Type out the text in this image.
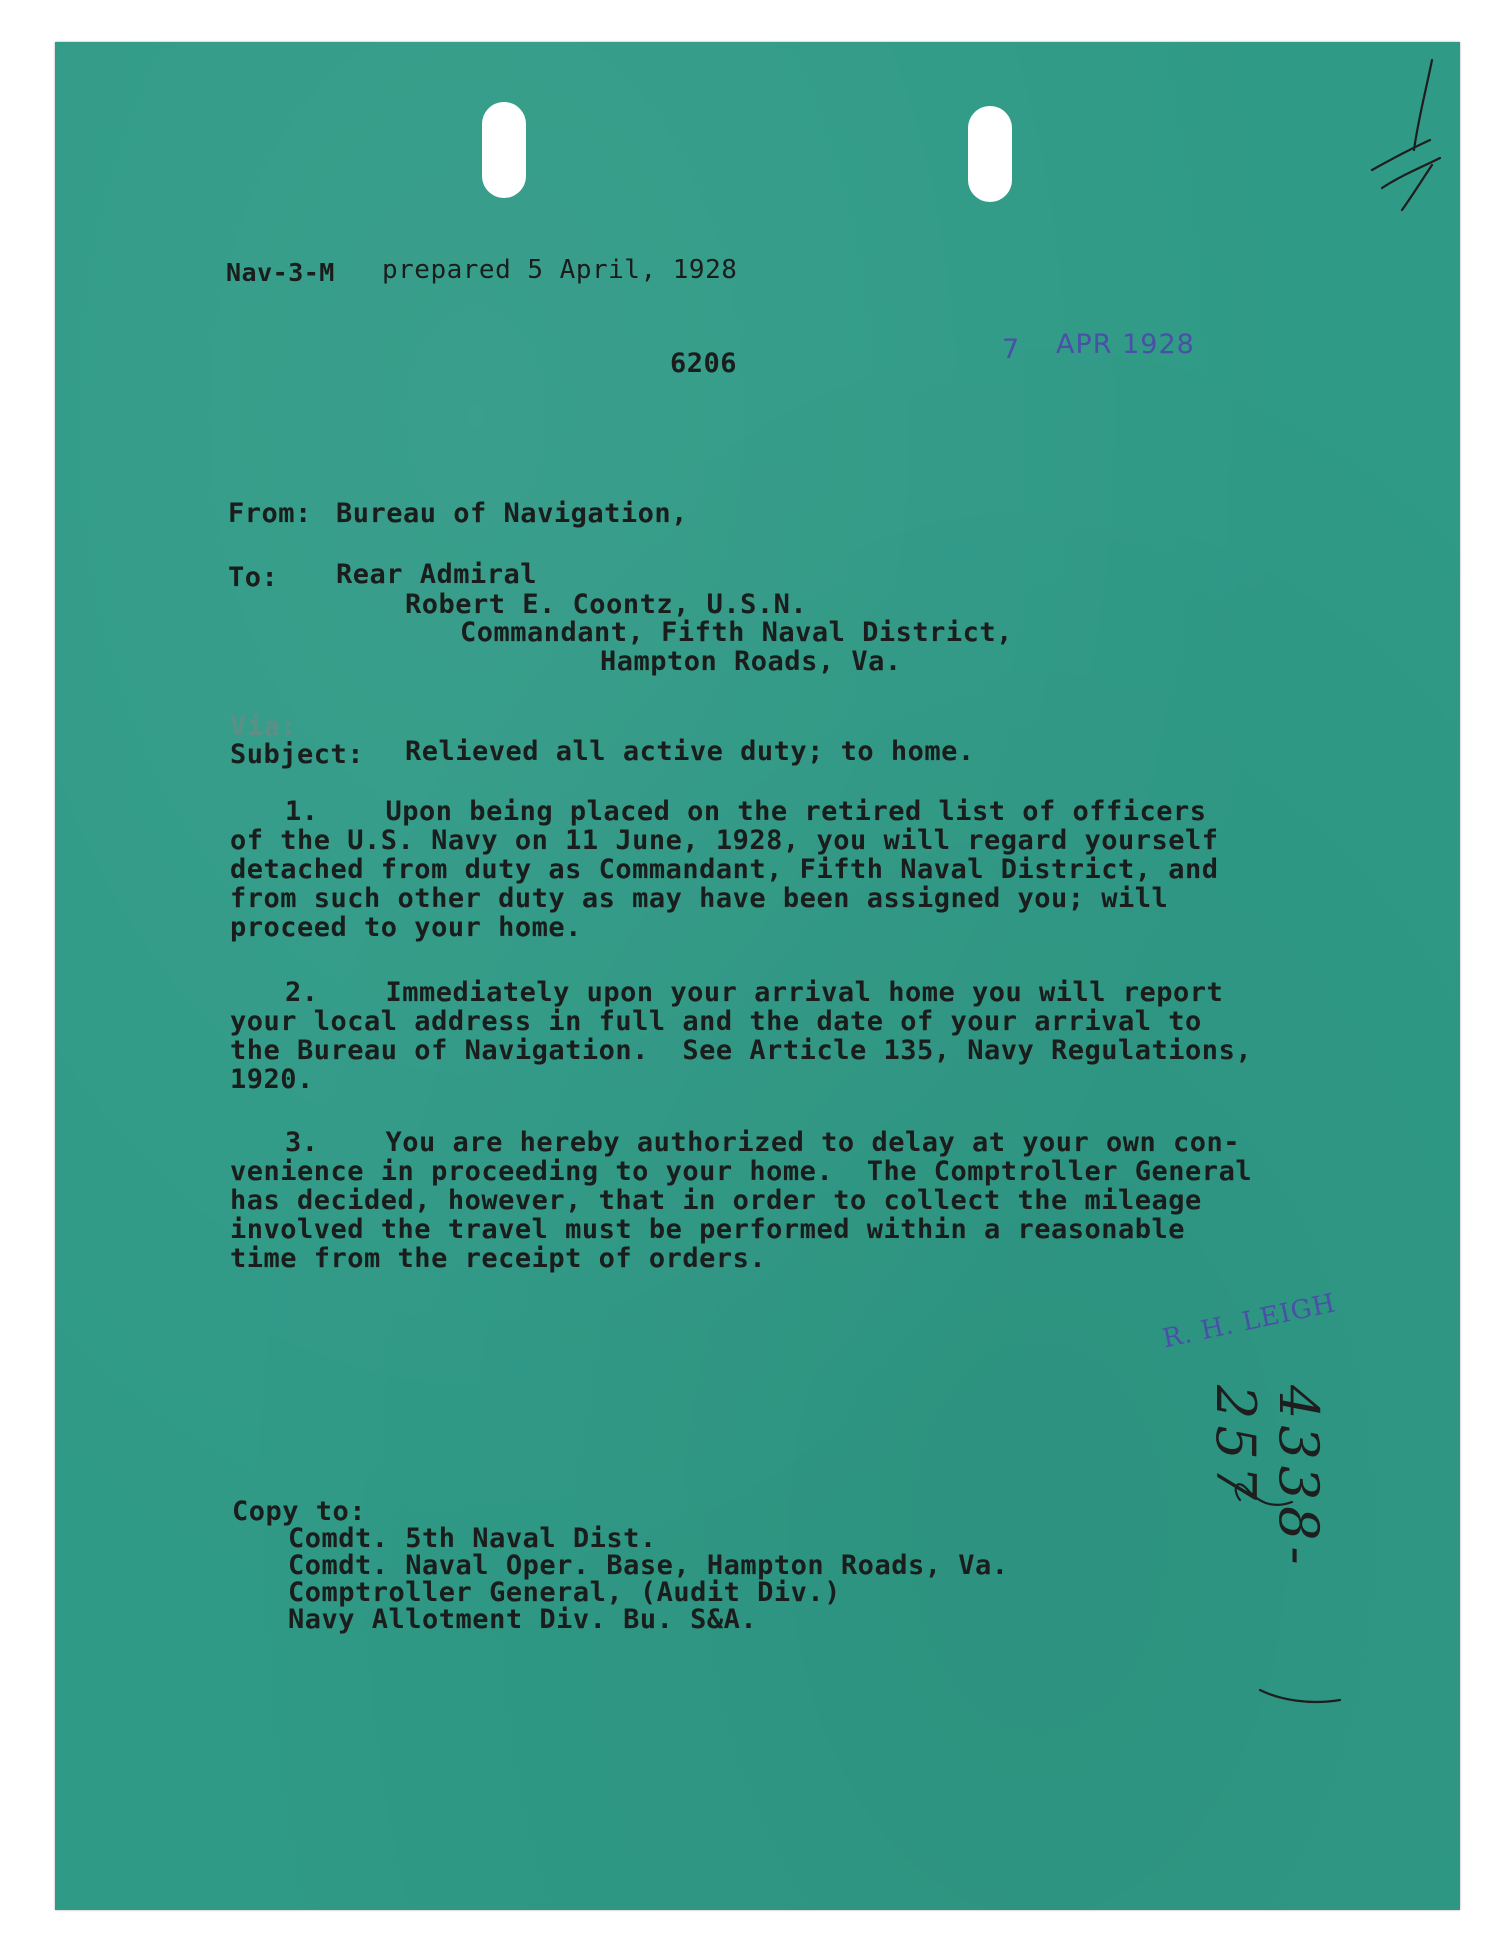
Nav-3-M prepared 5 April, 1928
6206	7 APR 1928
From: Bureau of Navigation,
To: Rear Admiral
Robert E. Coontz, U.S.N.
Commandant, Fifth Naval District,
Hampton Roads, Va.
Via:
Subject: Relieved all active duty; to home.
1.    Upon being placed on the retired list of officers
of the U.S. Navy on 11 June, 1928, you will regard yourself
detached from duty as Commandant, Fifth Naval District, and
from such other duty as may have been assigned you; will
proceed to your home.
2.    Immediately upon your arrival home you will report
your local address in full and the date of your arrival to
the Bureau of Navigation.  See Article 135, Navy Regulations,
1920.
3.    You are hereby authorized to delay at your own con-
venience in proceeding to your home.  The Comptroller General
has decided, however, that in order to collect the mileage
involved the travel must be performed within a reasonable
time from the receipt of orders.
R. H. LEIGH
Copy to:
Comdt. 5th Naval Dist.
Comdt. Naval Oper. Base, Hampton Roads, Va.
Comptroller General, (Audit Div.)
Navy Allotment Div. Bu. S&A.
4338-257
